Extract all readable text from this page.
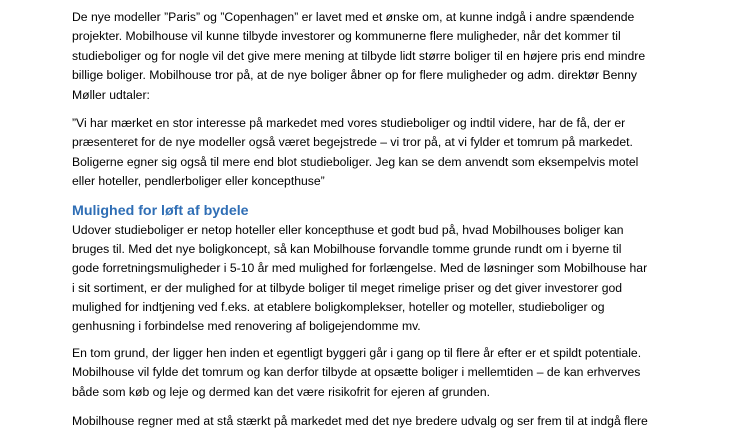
De nye modeller ”Paris” og ”Copenhagen” er lavet med et ønske om, at kunne indgå i andre spændende
projekter. Mobilhouse vil kunne tilbyde investorer og kommunerne flere muligheder, når det kommer til
studieboliger og for nogle vil det give mere mening at tilbyde lidt større boliger til en højere pris end mindre
billige boliger. Mobilhouse tror på, at de nye boliger åbner op for flere muligheder og adm. direktør Benny
Møller udtaler:

”Vi har mærket en stor interesse på markedet med vores studieboliger og indtil videre, har de få, der er
præsenteret for de nye modeller også været begejstrede – vi tror på, at vi fylder et tomrum på markedet.
Boligerne egner sig også til mere end blot studieboliger. Jeg kan se dem anvendt som eksempelvis motel
eller hoteller, pendlerboliger eller koncepthuse”

Mulighed for løft af bydele

Udover studieboliger er netop hoteller eller koncepthuse et godt bud på, hvad Mobilhouses boliger kan
bruges til. Med det nye boligkoncept, så kan Mobilhouse forvandle tomme grunde rundt om i byerne til
gode forretningsmuligheder i 5-10 år med mulighed for forlængelse. Med de løsninger som Mobilhouse har
i sit sortiment, er der mulighed for at tilbyde boliger til meget rimelige priser og det giver investorer god
mulighed for indtjening ved f.eks. at etablere boligkomplekser, hoteller og moteller, studieboliger og
genhusning i forbindelse med renovering af boligejendomme mv.

En tom grund, der ligger hen inden et egentligt byggeri går i gang op til flere år efter er et spildt potentiale.
Mobilhouse vil fylde det tomrum og kan derfor tilbyde at opsætte boliger i mellemtiden – de kan erhverves
både som køb og leje og dermed kan det være risikofrit for ejeren af grunden.

Mobilhouse regner med at stå stærkt på markedet med det nye bredere udvalg og ser frem til at indgå flere
